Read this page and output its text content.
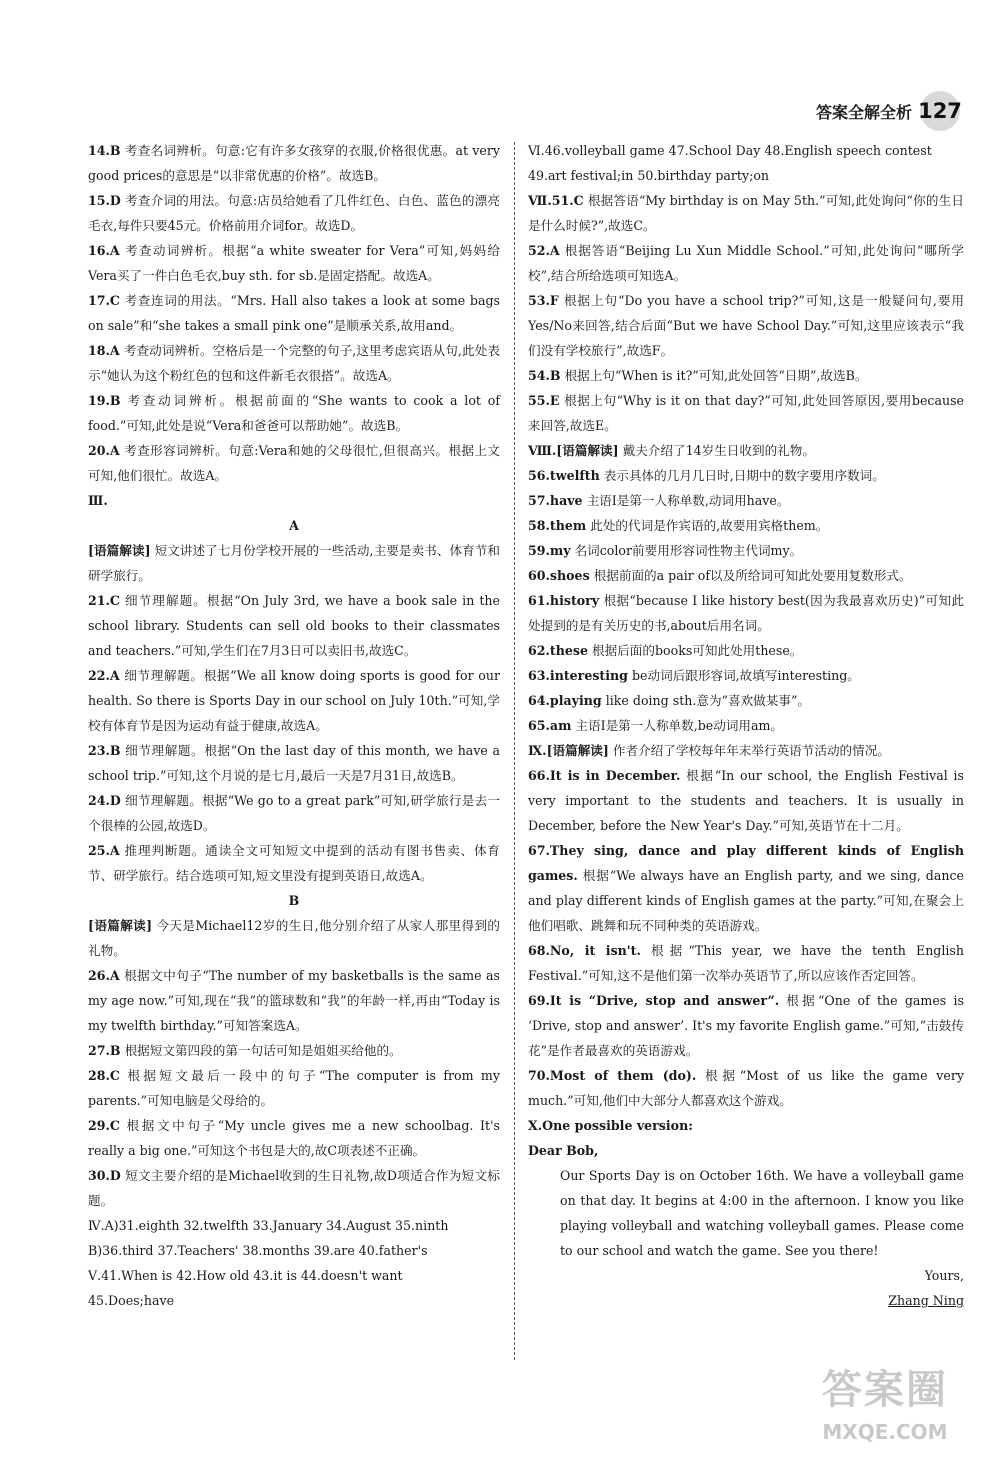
答案全解全析 127

14.B 考查名词辨析。句意:它有许多女孩穿的衣服,价格很优惠。at very good prices的意思是“以非常优惠的价格”。故选B。

15.D 考查介词的用法。句意:店员给她看了几件红色、白色、蓝色的漂亮毛衣,每件只要45元。价格前用介词for。故选D。

16.A 考查动词辨析。根据“a white sweater for Vera”可知,妈妈给Vera买了一件白色毛衣,buy sth. for sb.是固定搭配。故选A。

17.C 考查连词的用法。“Mrs. Hall also takes a look at some bags on sale”和“she takes a small pink one”是顺承关系,故用and。

18.A 考查动词辨析。空格后是一个完整的句子,这里考虑宾语从句,此处表示“她认为这个粉红色的包和这件新毛衣很搭”。故选A。

19.B 考查动词辨析。根据前面的“She wants to cook a lot of food.”可知,此处是说“Vera和爸爸可以帮助她”。故选B。

20.A 考查形容词辨析。句意:Vera和她的父母很忙,但很高兴。根据上文可知,他们很忙。故选A。

Ⅲ.

A

[语篇解读] 短文讲述了七月份学校开展的一些活动,主要是卖书、体育节和研学旅行。

21.C 细节理解题。根据“On July 3rd, we have a book sale in the school library. Students can sell old books to their classmates and teachers.”可知,学生们在7月3日可以卖旧书,故选C。

22.A 细节理解题。根据“We all know doing sports is good for our health. So there is Sports Day in our school on July 10th.”可知,学校有体育节是因为运动有益于健康,故选A。

23.B 细节理解题。根据“On the last day of this month, we have a school trip.”可知,这个月说的是七月,最后一天是7月31日,故选B。

24.D 细节理解题。根据“We go to a great park”可知,研学旅行是去一个很棒的公园,故选D。

25.A 推理判断题。通读全文可知短文中提到的活动有图书售卖、体育节、研学旅行。结合选项可知,短文里没有提到英语日,故选A。

B

[语篇解读] 今天是Michael12岁的生日,他分别介绍了从家人那里得到的礼物。

26.A 根据文中句子“The number of my basketballs is the same as my age now.”可知,现在“我”的篮球数和“我”的年龄一样,再由“Today is my twelfth birthday.”可知答案选A。

27.B 根据短文第四段的第一句话可知是姐姐买给他的。

28.C 根据短文最后一段中的句子“The computer is from my parents.”可知电脑是父母给的。

29.C 根据文中句子“My uncle gives me a new schoolbag. It's really a big one.”可知这个书包是大的,故C项表述不正确。

30.D 短文主要介绍的是Michael收到的生日礼物,故D项适合作为短文标题。

Ⅳ.A)31.eighth 32.twelfth 33.January 34.August 35.ninth

B)36.third 37.Teachers' 38.months 39.are 40.father's

Ⅴ.41.When is 42.How old 43.it is 44.doesn't want

45.Does;have

Ⅵ.46.volleyball game 47.School Day 48.English speech contest

49.art festival;in 50.birthday party;on

Ⅶ.51.C 根据答语“My birthday is on May 5th.”可知,此处询问“你的生日是什么时候?”,故选C。

52.A 根据答语“Beijing Lu Xun Middle School.”可知,此处询问“哪所学校”,结合所给选项可知选A。

53.F 根据上句“Do you have a school trip?”可知,这是一般疑问句,要用Yes/No来回答,结合后面“But we have School Day.”可知,这里应该表示“我们没有学校旅行”,故选F。

54.B 根据上句“When is it?”可知,此处回答“日期”,故选B。

55.E 根据上句“Why is it on that day?”可知,此处回答原因,要用because来回答,故选E。

Ⅷ.[语篇解读] 戴夫介绍了14岁生日收到的礼物。

56.twelfth 表示具体的几月几日时,日期中的数字要用序数词。

57.have 主语I是第一人称单数,动词用have。

58.them 此处的代词是作宾语的,故要用宾格them。

59.my 名词color前要用形容词性物主代词my。

60.shoes 根据前面的a pair of以及所给词可知此处要用复数形式。

61.history 根据“because I like history best(因为我最喜欢历史)”可知此处提到的是有关历史的书,about后用名词。

62.these 根据后面的books可知此处用these。

63.interesting be动词后跟形容词,故填写interesting。

64.playing like doing sth.意为“喜欢做某事”。

65.am 主语I是第一人称单数,be动词用am。

Ⅸ.[语篇解读] 作者介绍了学校每年年末举行英语节活动的情况。

66.It is in December. 根据“In our school, the English Festival is very important to the students and teachers. It is usually in December, before the New Year's Day.”可知,英语节在十二月。

67.They sing, dance and play different kinds of English games. 根据“We always have an English party, and we sing, dance and play different kinds of English games at the party.”可知,在聚会上他们唱歌、跳舞和玩不同种类的英语游戏。

68.No, it isn't. 根据“This year, we have the tenth English Festival.”可知,这不是他们第一次举办英语节了,所以应该作否定回答。

69.It is “Drive, stop and answer”. 根据“One of the games is ‘Drive, stop and answer’. It's my favorite English game.”可知,“击鼓传花”是作者最喜欢的英语游戏。

70.Most of them (do). 根据“Most of us like the game very much.”可知,他们中大部分人都喜欢这个游戏。

Ⅹ.One possible version:

Dear Bob,

Our Sports Day is on October 16th. We have a volleyball game on that day. It begins at 4:00 in the afternoon. I know you like playing volleyball and watching volleyball games. Please come to our school and watch the game. See you there!

Yours,

Zhang Ning

答案圈
MXQE.COM
